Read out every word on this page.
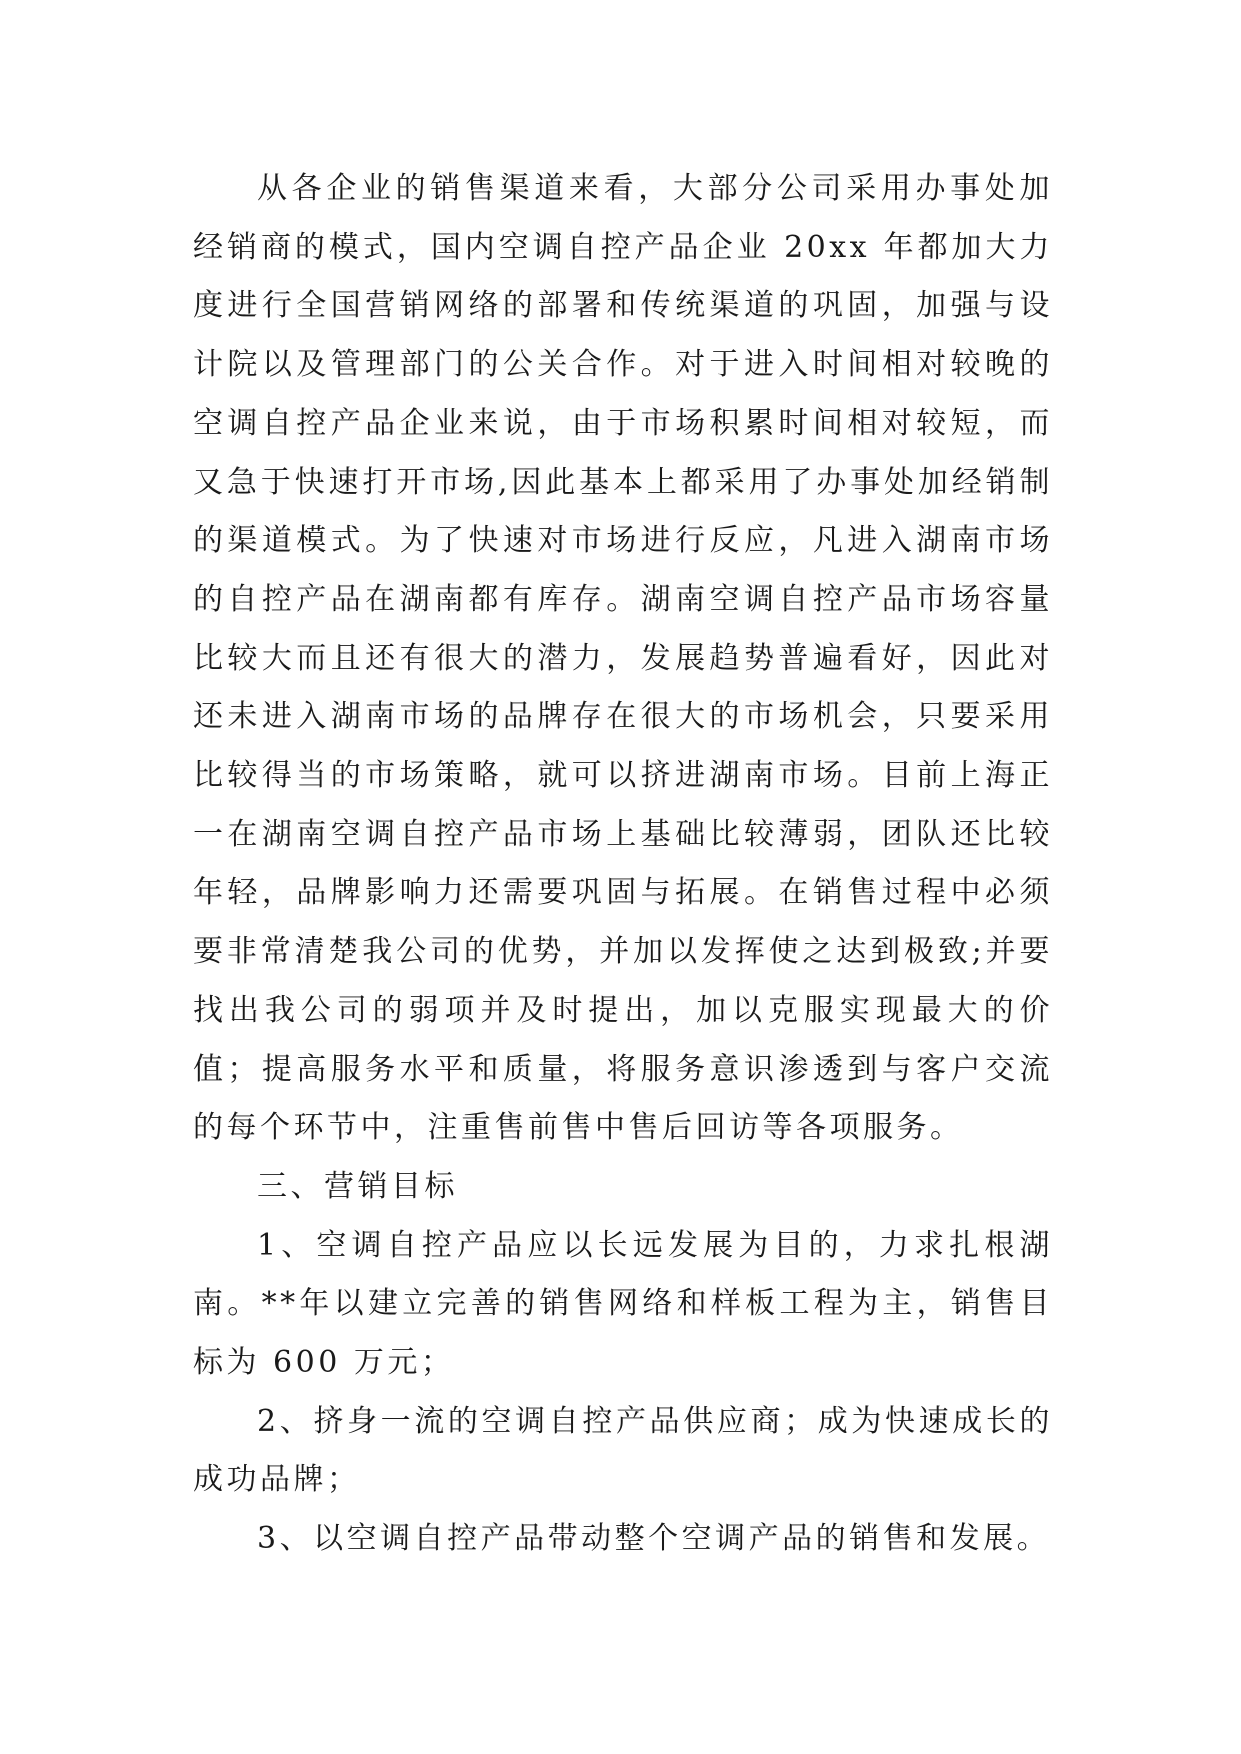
从各企业的销售渠道来看，大部分公司采用办事处加经销商的模式，国内空调自控产品企业 20xx 年都加大力度进行全国营销网络的部署和传统渠道的巩固，加强与设计院以及管理部门的公关合作。对于进入时间相对较晚的空调自控产品企业来说，由于市场积累时间相对较短，而又急于快速打开市场,因此基本上都采用了办事处加经销制的渠道模式。为了快速对市场进行反应，凡进入湖南市场的自控产品在湖南都有库存。湖南空调自控产品市场容量比较大而且还有很大的潜力，发展趋势普遍看好，因此对还未进入湖南市场的品牌存在很大的市场机会，只要采用比较得当的市场策略，就可以挤进湖南市场。目前上海正一在湖南空调自控产品市场上基础比较薄弱，团队还比较年轻，品牌影响力还需要巩固与拓展。在销售过程中必须要非常清楚我公司的优势，并加以发挥使之达到极致;并要找出我公司的弱项并及时提出，加以克服实现最大的价值；提高服务水平和质量，将服务意识渗透到与客户交流的每个环节中，注重售前售中售后回访等各项服务。

三、营销目标

1、空调自控产品应以长远发展为目的，力求扎根湖南。**年以建立完善的销售网络和样板工程为主，销售目标为 600 万元；

2、挤身一流的空调自控产品供应商；成为快速成长的成功品牌；

3、以空调自控产品带动整个空调产品的销售和发展。
